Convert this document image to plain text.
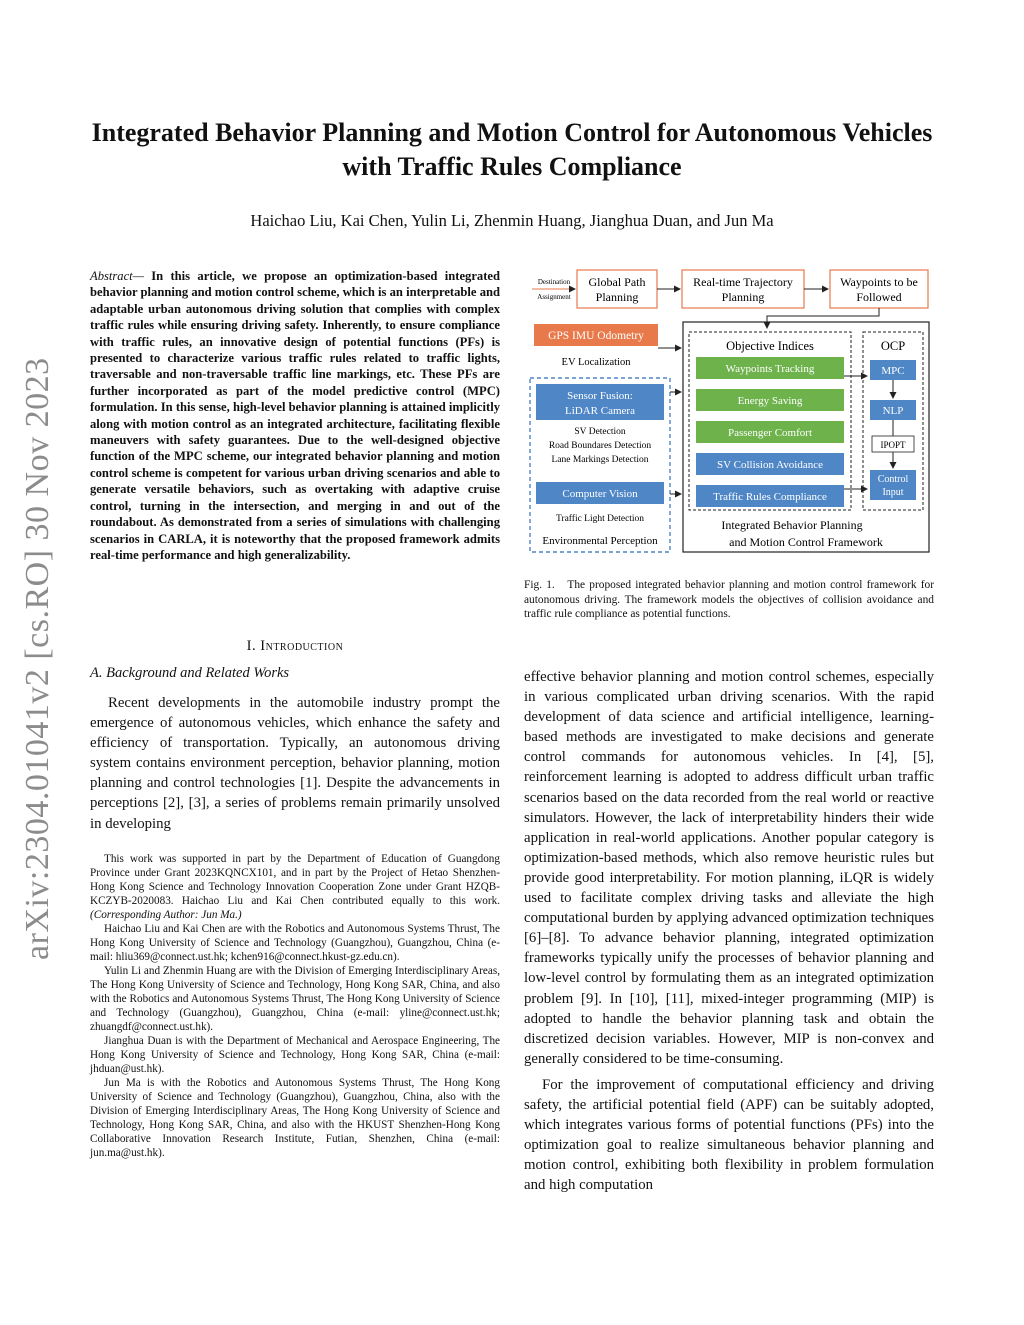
arXiv:2304.01041v2 [cs.RO] 30 Nov 2023
Integrated Behavior Planning and Motion Control for Autonomous Vehicles with Traffic Rules Compliance
Haichao Liu, Kai Chen, Yulin Li, Zhenmin Huang, Jianghua Duan, and Jun Ma
Abstract— In this article, we propose an optimization-based integrated behavior planning and motion control scheme, which is an interpretable and adaptable urban autonomous driving solution that complies with complex traffic rules while ensuring driving safety. Inherently, to ensure compliance with traffic rules, an innovative design of potential functions (PFs) is presented to characterize various traffic rules related to traffic lights, traversable and non-traversable traffic line markings, etc. These PFs are further incorporated as part of the model predictive control (MPC) formulation. In this sense, high-level behavior planning is attained implicitly along with motion control as an integrated architecture, facilitating flexible maneuvers with safety guarantees. Due to the well-designed objective function of the MPC scheme, our integrated behavior planning and motion control scheme is competent for various urban driving scenarios and able to generate versatile behaviors, such as overtaking with adaptive cruise control, turning in the intersection, and merging in and out of the roundabout. As demonstrated from a series of simulations with challenging scenarios in CARLA, it is noteworthy that the proposed framework admits real-time performance and high generalizability.
I. Introduction
A. Background and Related Works

Recent developments in the automobile industry prompt the emergence of autonomous vehicles, which enhance the safety and efficiency of transportation. Typically, an autonomous driving system contains environment perception, behavior planning, motion planning and control technologies [1]. Despite the advancements in perceptions [2], [3], a series of problems remain primarily unsolved in developing

This work was supported in part by the Department of Education of Guangdong Province under Grant 2023KQNCX101, and in part by the Project of Hetao Shenzhen-Hong Kong Science and Technology Innovation Cooperation Zone under Grant HZQB-KCZYB-2020083. Haichao Liu and Kai Chen contributed equally to this work. (Corresponding Author: Jun Ma.)

Haichao Liu and Kai Chen are with the Robotics and Autonomous Systems Thrust, The Hong Kong University of Science and Technology (Guangzhou), Guangzhou, China (e-mail: hliu369@connect.ust.hk; kchen916@connect.hkust-gz.edu.cn).

Yulin Li and Zhenmin Huang are with the Division of Emerging Interdisciplinary Areas, The Hong Kong University of Science and Technology, Hong Kong SAR, China, and also with the Robotics and Autonomous Systems Thrust, The Hong Kong University of Science and Technology (Guangzhou), Guangzhou, China (e-mail: yline@connect.ust.hk; zhuangdf@connect.ust.hk).

Jianghua Duan is with the Department of Mechanical and Aerospace Engineering, The Hong Kong University of Science and Technology, Hong Kong SAR, China (e-mail: jhduan@ust.hk).

Jun Ma is with the Robotics and Autonomous Systems Thrust, The Hong Kong University of Science and Technology (Guangzhou), Guangzhou, China, also with the Division of Emerging Interdisciplinary Areas, The Hong Kong University of Science and Technology, Hong Kong SAR, China, and also with the HKUST Shenzhen-Hong Kong Collaborative Innovation Research Institute, Futian, Shenzhen, China (e-mail: jun.ma@ust.hk).

Destination
Assignment
Global Path
Planning
Real-time Trajectory
Planning
Waypoints to be
Followed
GPS IMU Odometry
EV Localization
Sensor Fusion:
LiDAR Camera
SV Detection
Road Boundares Detection
Lane Markings Detection
Computer Vision
Traffic Light Detection
Environmental Perception
Objective Indices
Waypoints Tracking
Energy Saving
Passenger Comfort
SV Collision Avoidance
Traffic Rules Compliance
OCP
MPC
NLP
IPOPT
Control
Input
Integrated Behavior Planning
and Motion Control Framework
Fig. 1. The proposed integrated behavior planning and motion control framework for autonomous driving. The framework models the objectives of collision avoidance and traffic rule compliance as potential functions.

effective behavior planning and motion control schemes, especially in various complicated urban driving scenarios. With the rapid development of data science and artificial intelligence, learning-based methods are investigated to make decisions and generate control commands for autonomous vehicles. In [4], [5], reinforcement learning is adopted to address difficult urban traffic scenarios based on the data recorded from the real world or reactive simulators. However, the lack of interpretability hinders their wide application in real-world applications. Another popular category is optimization-based methods, which also remove heuristic rules but provide good interpretability. For motion planning, iLQR is widely used to facilitate complex driving tasks and alleviate the high computational burden by applying advanced optimization techniques [6]–[8]. To advance behavior planning, integrated optimization frameworks typically unify the processes of behavior planning and low-level control by formulating them as an integrated optimization problem [9]. In [10], [11], mixed-integer programming (MIP) is adopted to handle the behavior planning task and obtain the discretized decision variables. However, MIP is non-convex and generally considered to be time-consuming.

For the improvement of computational efficiency and driving safety, the artificial potential field (APF) can be suitably adopted, which integrates various forms of potential functions (PFs) into the optimization goal to realize simultaneous behavior planning and motion control, exhibiting both flexibility in problem formulation and high computation
